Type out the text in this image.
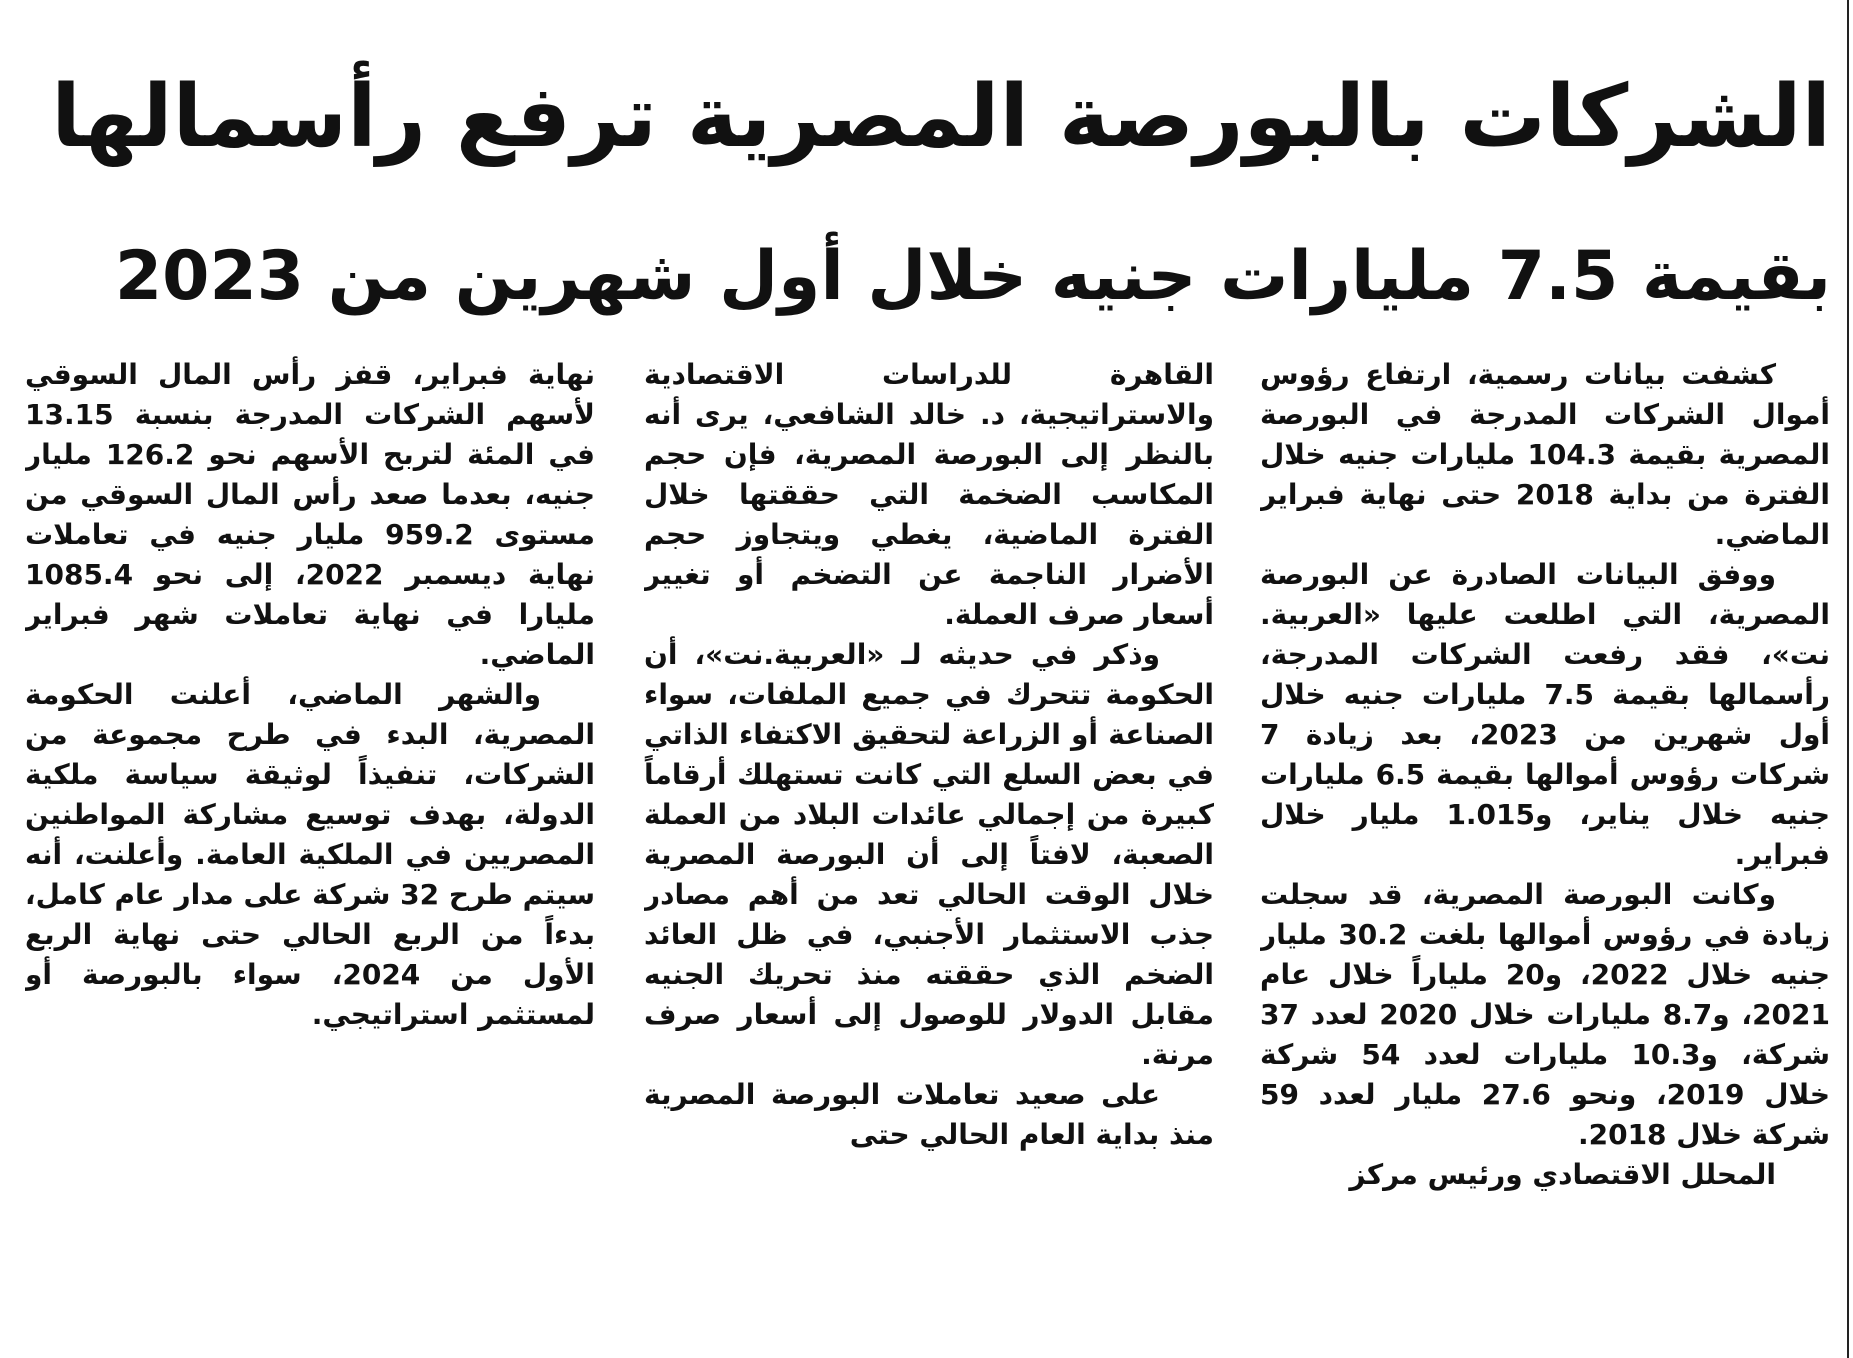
الشركات بالبورصة المصرية ترفع رأسمالها
بقيمة 7.5 مليارات جنيه خلال أول شهرين من 2023

كشفت بيانات رسمية، ارتفاع رؤوس أموال الشركات المدرجة في البورصة المصرية بقيمة 104.3 مليارات جنيه خلال الفترة من بداية 2018 حتى نهاية فبراير الماضي.

ووفق البيانات الصادرة عن البورصة المصرية، التي اطلعت عليها «العربية. نت»، فقد رفعت الشركات المدرجة، رأسمالها بقيمة 7.5 مليارات جنيه خلال أول شهرين من 2023، بعد زيادة 7 شركات رؤوس أموالها بقيمة 6.5 مليارات جنيه خلال يناير، و1.015 مليار خلال فبراير.

وكانت البورصة المصرية، قد سجلت زيادة في رؤوس أموالها بلغت 30.2 مليار جنيه خلال 2022، و20 ملياراً خلال عام 2021، و8.7 مليارات خلال 2020 لعدد 37 شركة، و10.3 مليارات لعدد 54 شركة خلال 2019، ونحو 27.6 مليار لعدد 59 شركة خلال 2018.

المحلل الاقتصادي ورئيس مركز

القاهرة للدراسات الاقتصادية والاستراتيجية، د. خالد الشافعي، يرى أنه بالنظر إلى البورصة المصرية، فإن حجم المكاسب الضخمة التي حققتها خلال الفترة الماضية، يغطي ويتجاوز حجم الأضرار الناجمة عن التضخم أو تغيير أسعار صرف العملة.

وذكر في حديثه لـ «العربية.نت»، أن الحكومة تتحرك في جميع الملفات، سواء الصناعة أو الزراعة لتحقيق الاكتفاء الذاتي في بعض السلع التي كانت تستهلك أرقاماً كبيرة من إجمالي عائدات البلاد من العملة الصعبة، لافتاً إلى أن البورصة المصرية خلال الوقت الحالي تعد من أهم مصادر جذب الاستثمار الأجنبي، في ظل العائد الضخم الذي حققته منذ تحريك الجنيه مقابل الدولار للوصول إلى أسعار صرف مرنة.

على صعيد تعاملات البورصة المصرية منذ بداية العام الحالي حتى

نهاية فبراير، قفز رأس المال السوقي لأسهم الشركات المدرجة بنسبة 13.15 في المئة لتربح الأسهم نحو 126.2 مليار جنيه، بعدما صعد رأس المال السوقي من مستوى 959.2 مليار جنيه في تعاملات نهاية ديسمبر 2022، إلى نحو 1085.4 مليارا في نهاية تعاملات شهر فبراير الماضي.

والشهر الماضي، أعلنت الحكومة المصرية، البدء في طرح مجموعة من الشركات، تنفيذاً لوثيقة سياسة ملكية الدولة، بهدف توسيع مشاركة المواطنين المصريين في الملكية العامة. وأعلنت، أنه سيتم طرح 32 شركة على مدار عام كامل، بدءاً من الربع الحالي حتى نهاية الربع الأول من 2024، سواء بالبورصة أو لمستثمر استراتيجي.
